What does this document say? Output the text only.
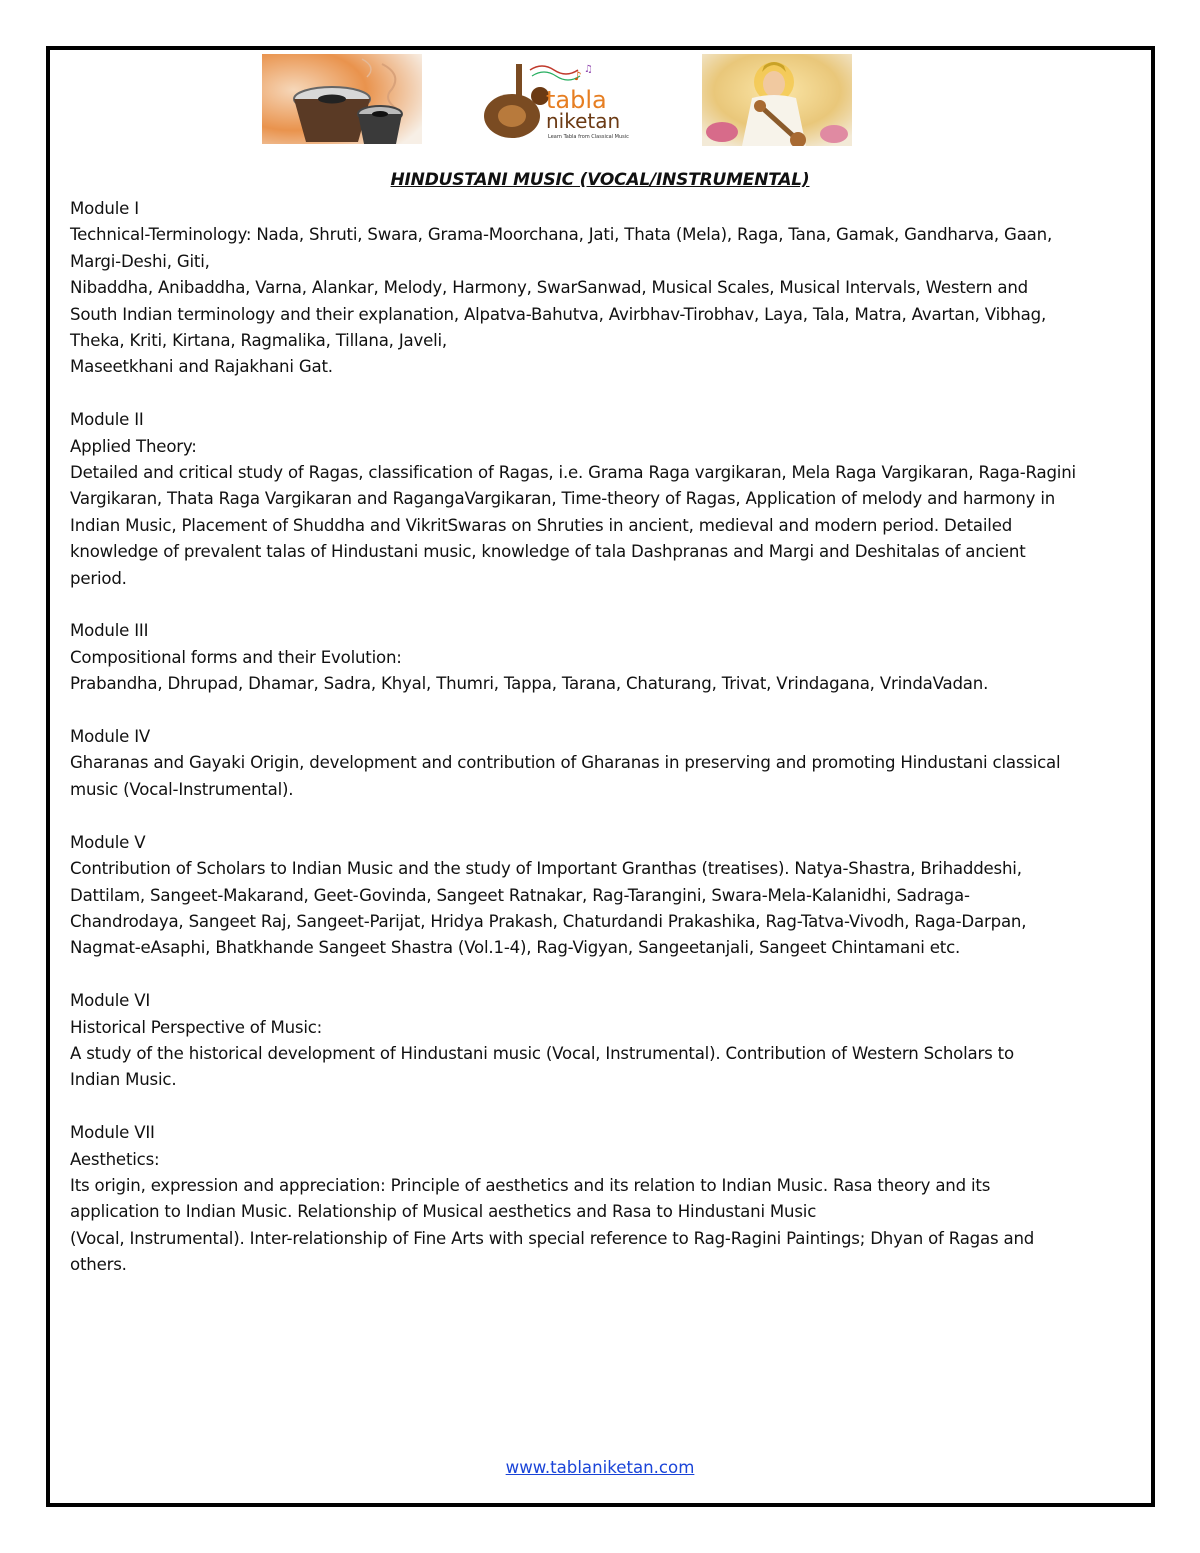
♪ ♫
tabla
niketan
Learn Tabla from Classical Music
HINDUSTANI MUSIC (VOCAL/INSTRUMENTAL)

Module I

Technical-Terminology: Nada, Shruti, Swara, Grama-Moorchana, Jati, Thata (Mela), Raga, Tana, Gamak, Gandharva, Gaan,

Margi-Deshi, Giti,

Nibaddha, Anibaddha, Varna, Alankar, Melody, Harmony, SwarSanwad, Musical Scales, Musical Intervals, Western and

South Indian terminology and their explanation, Alpatva-Bahutva, Avirbhav-Tirobhav, Laya, Tala, Matra, Avartan, Vibhag,

Theka, Kriti, Kirtana, Ragmalika, Tillana, Javeli,

Maseetkhani and Rajakhani Gat.

Module II

Applied Theory:

Detailed and critical study of Ragas, classification of Ragas, i.e. Grama Raga vargikaran, Mela Raga Vargikaran, Raga-Ragini

Vargikaran, Thata Raga Vargikaran and RagangaVargikaran, Time-theory of Ragas, Application of melody and harmony in

Indian Music, Placement of Shuddha and VikritSwaras on Shruties in ancient, medieval and modern period. Detailed

knowledge of prevalent talas of Hindustani music, knowledge of tala Dashpranas and Margi and Deshitalas of ancient

period.

Module III

Compositional forms and their Evolution:

Prabandha, Dhrupad, Dhamar, Sadra, Khyal, Thumri, Tappa, Tarana, Chaturang, Trivat, Vrindagana, VrindaVadan.

Module IV

Gharanas and Gayaki Origin, development and contribution of Gharanas in preserving and promoting Hindustani classical

music (Vocal-Instrumental).

Module V

Contribution of Scholars to Indian Music and the study of Important Granthas (treatises). Natya-Shastra, Brihaddeshi,

Dattilam, Sangeet-Makarand, Geet-Govinda, Sangeet Ratnakar, Rag-Tarangini, Swara-Mela-Kalanidhi, Sadraga-

Chandrodaya, Sangeet Raj, Sangeet-Parijat, Hridya Prakash, Chaturdandi Prakashika, Rag-Tatva-Vivodh, Raga-Darpan,

Nagmat-eAsaphi, Bhatkhande Sangeet Shastra (Vol.1-4), Rag-Vigyan, Sangeetanjali, Sangeet Chintamani etc.

Module VI

Historical Perspective of Music:

A study of the historical development of Hindustani music (Vocal, Instrumental). Contribution of Western Scholars to

Indian Music.

Module VII

Aesthetics:

Its origin, expression and appreciation: Principle of aesthetics and its relation to Indian Music. Rasa theory and its

application to Indian Music. Relationship of Musical aesthetics and Rasa to Hindustani Music

(Vocal, Instrumental). Inter-relationship of Fine Arts with special reference to Rag-Ragini Paintings; Dhyan of Ragas and

others.

www.tablaniketan.com
